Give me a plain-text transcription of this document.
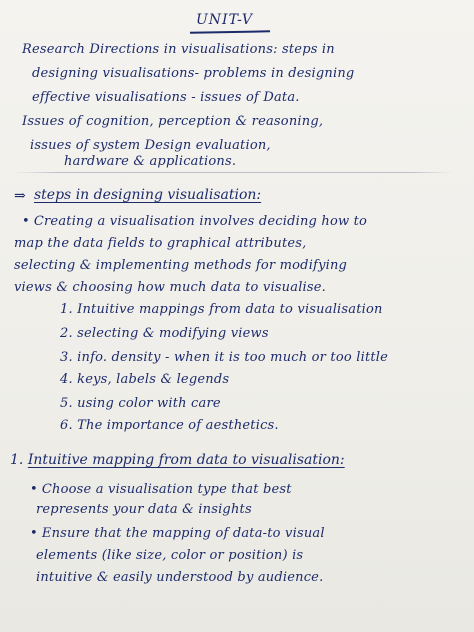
UNIT-V
Research Directions in visualisations: steps in
designing visualisations- problems in designing
effective visualisations - issues of Data.
Issues of cognition, perception & reasoning,
issues of system Design evaluation,
hardware & applications.
⇒ steps in designing visualisation:
• Creating a visualisation involves deciding how to
map the data fields to graphical attributes,
selecting & implementing methods for modifying
views & choosing how much data to visualise.
1. Intuitive mappings from data to visualisation
2. selecting & modifying views
3. info. density - when it is too much or too little
4. keys, labels & legends
5. using color with care
6. The importance of aesthetics.
1. Intuitive mapping from data to visualisation:
• Choose a visualisation type that best
represents your data & insights
• Ensure that the mapping of data-to visual
elements (like size, color or position) is
intuitive & easily understood by audience.
